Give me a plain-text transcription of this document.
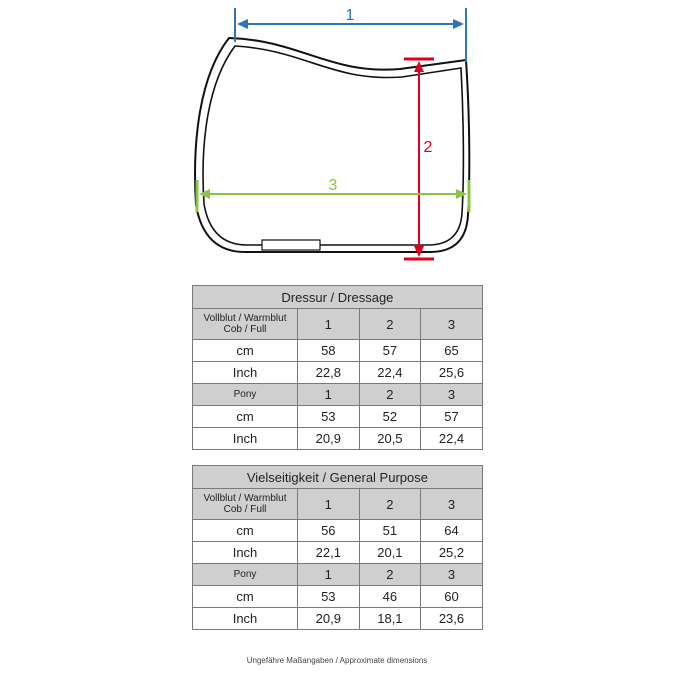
1
2
3
Dressur / Dressage			
Vollblut / Warmblut
Cob / Full	1	2	3
cm	58	57	65
Inch	22,8	22,4	25,6
Pony	1	2	3
cm	53	52	57
Inch	20,9	20,5	22,4
Vielseitigkeit / General Purpose			
Vollblut / Warmblut
Cob / Full	1	2	3
cm	56	51	64
Inch	22,1	20,1	25,2
Pony	1	2	3
cm	53	46	60
Inch	20,9	18,1	23,6
Ungefähre Maßangaben / Approximate dimensions
